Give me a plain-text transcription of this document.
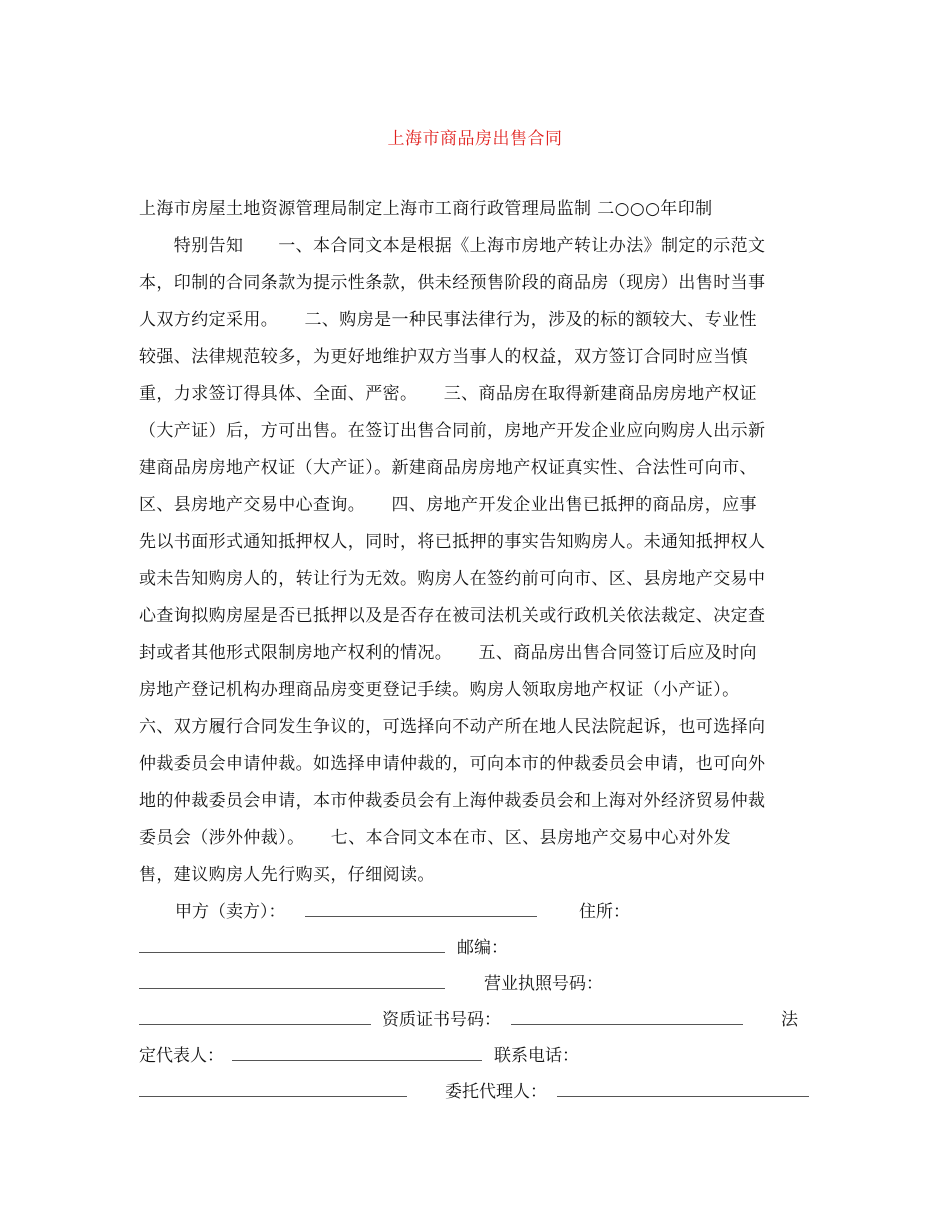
上海市商品房出售合同
上海市房屋土地资源管理局制定上海市工商行政管理局监制 二○○○年印制
　　特别告知　　一、本合同文本是根据《上海市房地产转让办法》制定的示范文
本，印制的合同条款为提示性条款，供未经预售阶段的商品房（现房）出售时当事
人双方约定采用。　　二、购房是一种民事法律行为，涉及的标的额较大、专业性
较强、法律规范较多，为更好地维护双方当事人的权益，双方签订合同时应当慎
重，力求签订得具体、全面、严密。　　三、商品房在取得新建商品房房地产权证
（大产证）后，方可出售。在签订出售合同前，房地产开发企业应向购房人出示新
建商品房房地产权证（大产证）。新建商品房房地产权证真实性、合法性可向市、
区、县房地产交易中心查询。　　四、房地产开发企业出售已抵押的商品房，应事
先以书面形式通知抵押权人，同时，将已抵押的事实告知购房人。未通知抵押权人
或未告知购房人的，转让行为无效。购房人在签约前可向市、区、县房地产交易中
心查询拟购房屋是否已抵押以及是否存在被司法机关或行政机关依法裁定、决定查
封或者其他形式限制房地产权利的情况。　　五、商品房出售合同签订后应及时向
房地产登记机构办理商品房变更登记手续。购房人领取房地产权证（小产证）。
六、双方履行合同发生争议的，可选择向不动产所在地人民法院起诉，也可选择向
仲裁委员会申请仲裁。如选择申请仲裁的，可向本市的仲裁委员会申请，也可向外
地的仲裁委员会申请，本市仲裁委员会有上海仲裁委员会和上海对外经济贸易仲裁
委员会（涉外仲裁）。　　七、本合同文本在市、区、县房地产交易中心对外发
售，建议购房人先行购买，仔细阅读。
甲方（卖方）：	住所：
邮编：
营业执照号码：
资质证书号码：	法
定代表人：	联系电话：
委托代理人：
